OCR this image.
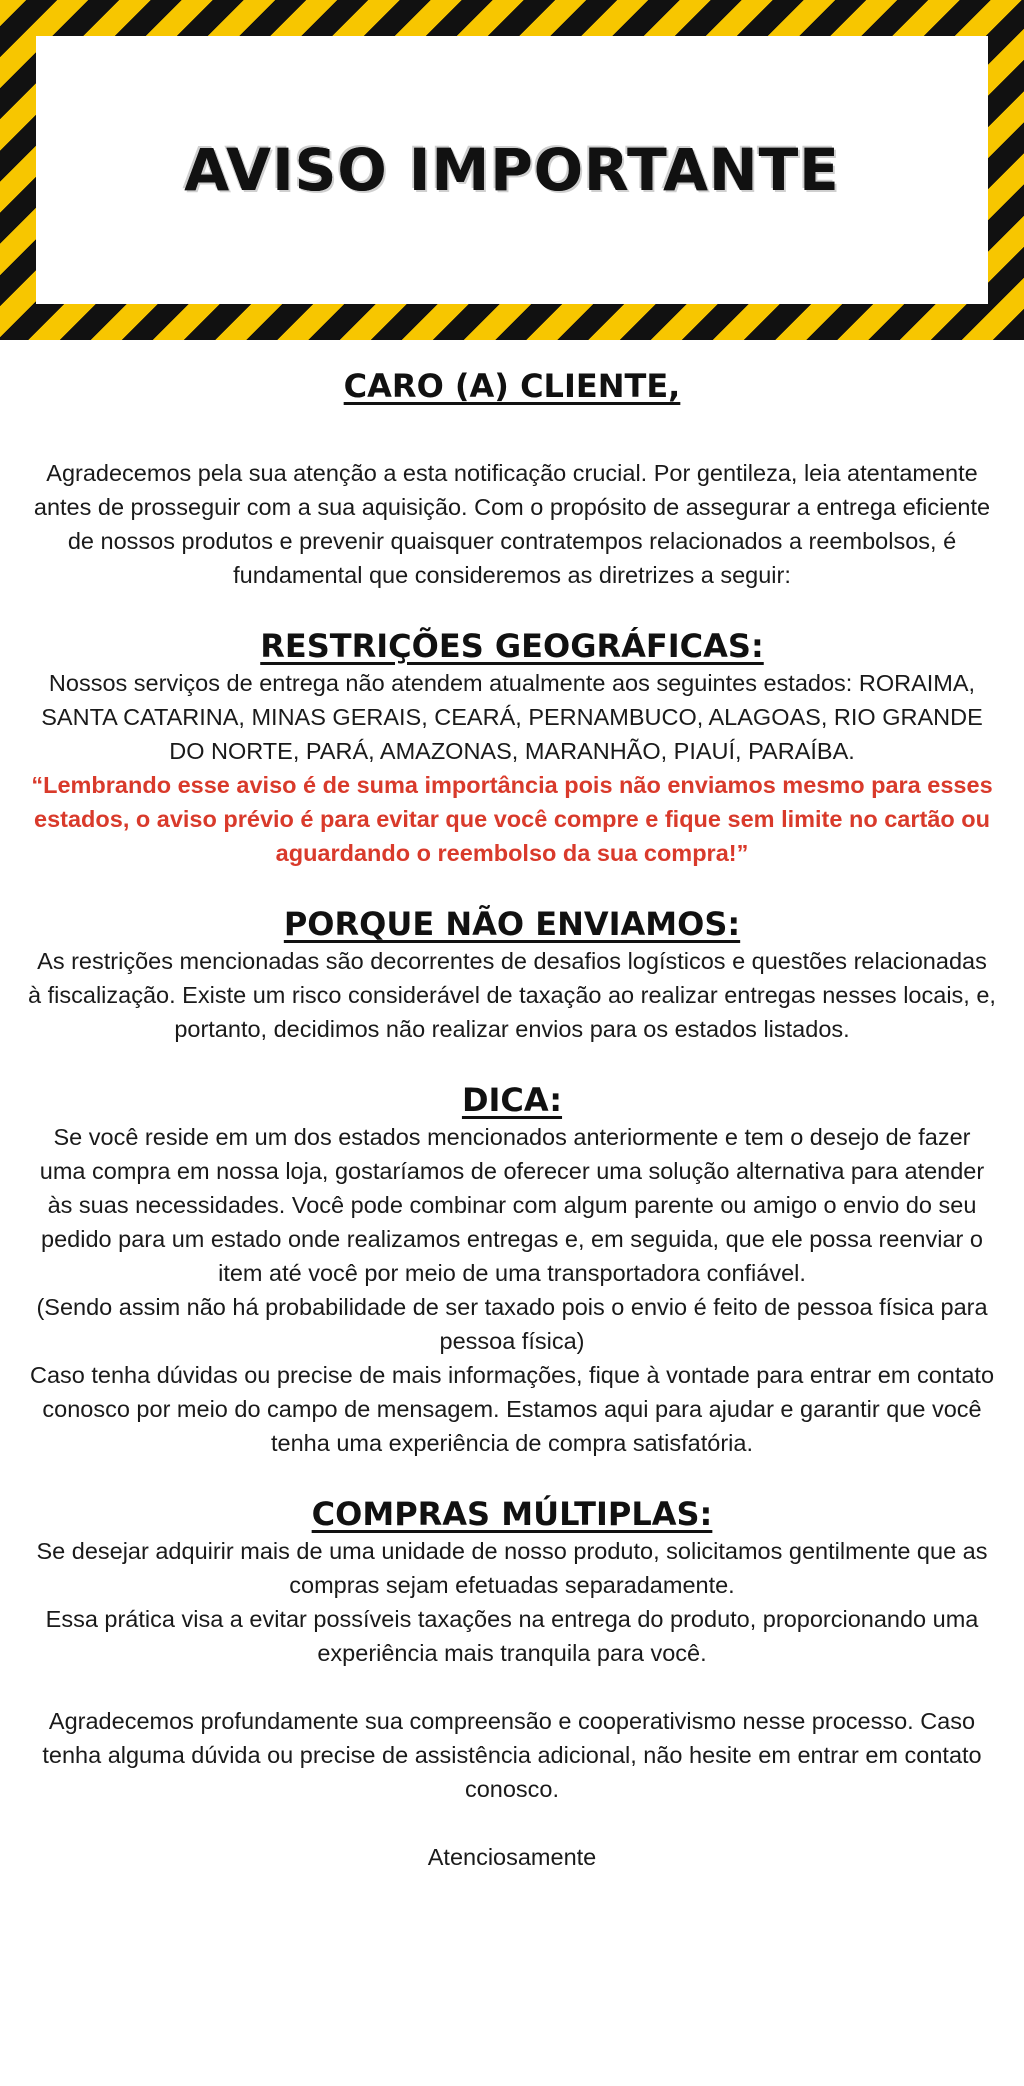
AVISO IMPORTANTE
CARO (A) CLIENTE,

Agradecemos pela sua atenção a esta notificação crucial. Por gentileza, leia atentamente antes de prosseguir com a sua aquisição. Com o propósito de assegurar a entrega eficiente de nossos produtos e prevenir quaisquer contratempos relacionados a reembolsos, é fundamental que consideremos as diretrizes a seguir:

RESTRIÇÕES GEOGRÁFICAS:

Nossos serviços de entrega não atendem atualmente aos seguintes estados: RORAIMA, SANTA CATARINA, MINAS GERAIS, CEARÁ, PERNAMBUCO, ALAGOAS, RIO GRANDE DO NORTE, PARÁ, AMAZONAS, MARANHÃO, PIAUÍ, PARAÍBA.

“Lembrando esse aviso é de suma importância pois não enviamos mesmo para esses estados, o aviso prévio é para evitar que você compre e fique sem limite no cartão ou aguardando o reembolso da sua compra!”

PORQUE NÃO ENVIAMOS:

As restrições mencionadas são decorrentes de desafios logísticos e questões relacionadas à fiscalização. Existe um risco considerável de taxação ao realizar entregas nesses locais, e, portanto, decidimos não realizar envios para os estados listados.

DICA:

Se você reside em um dos estados mencionados anteriormente e tem o desejo de fazer uma compra em nossa loja, gostaríamos de oferecer uma solução alternativa para atender às suas necessidades. Você pode combinar com algum parente ou amigo o envio do seu pedido para um estado onde realizamos entregas e, em seguida, que ele possa reenviar o item até você por meio de uma transportadora confiável.

(Sendo assim não há probabilidade de ser taxado pois o envio é feito de pessoa física para pessoa física)

Caso tenha dúvidas ou precise de mais informações, fique à vontade para entrar em contato conosco por meio do campo de mensagem. Estamos aqui para ajudar e garantir que você tenha uma experiência de compra satisfatória.

COMPRAS MÚLTIPLAS:

Se desejar adquirir mais de uma unidade de nosso produto, solicitamos gentilmente que as compras sejam efetuadas separadamente.

Essa prática visa a evitar possíveis taxações na entrega do produto, proporcionando uma experiência mais tranquila para você.

Agradecemos profundamente sua compreensão e cooperativismo nesse processo. Caso tenha alguma dúvida ou precise de assistência adicional, não hesite em entrar em contato conosco.

Atenciosamente
